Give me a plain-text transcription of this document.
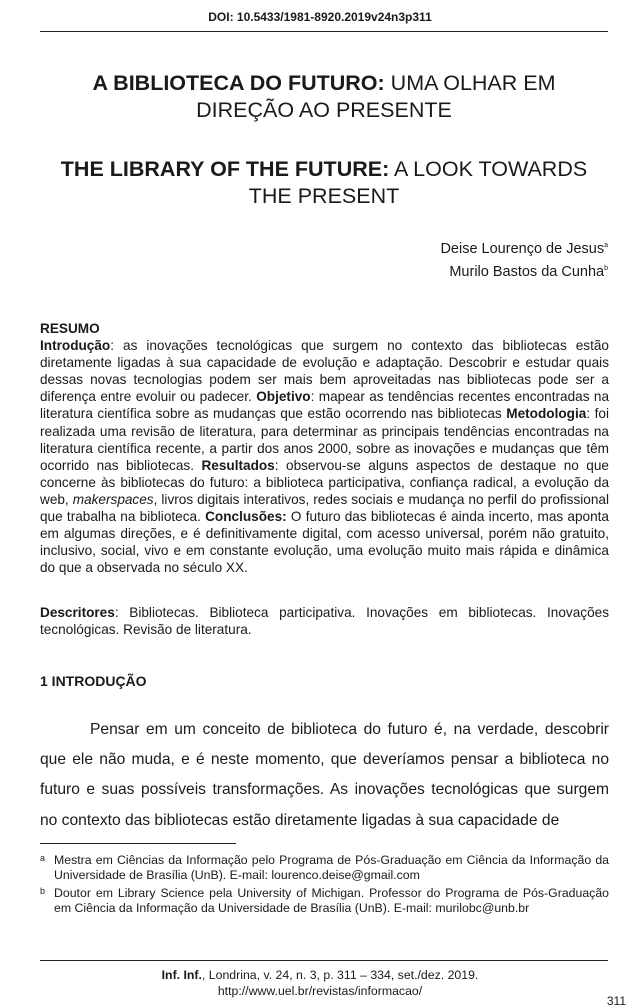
DOI: 10.5433/1981-8920.2019v24n3p311
A BIBLIOTECA DO FUTURO: UMA OLHAR EM
DIREÇÃO AO PRESENTE
THE LIBRARY OF THE FUTURE: A LOOK TOWARDS
THE PRESENT
Deise Lourenço de Jesus$^a$
Murilo Bastos da Cunha$^b$
RESUMO
Introdução: as inovações tecnológicas que surgem no contexto das bibliotecas estão diretamente ligadas à sua capacidade de evolução e adaptação. Descobrir e estudar quais dessas novas tecnologias podem ser mais bem aproveitadas nas bibliotecas pode ser a diferença entre evoluir ou padecer. Objetivo: mapear as tendências recentes encontradas na literatura científica sobre as mudanças que estão ocorrendo nas bibliotecas Metodologia: foi realizada uma revisão de literatura, para determinar as principais tendências encontradas na literatura científica recente, a partir dos anos 2000, sobre as inovações e mudanças que têm ocorrido nas bibliotecas. Resultados: observou-se alguns aspectos de destaque no que concerne às bibliotecas do futuro: a biblioteca participativa, confiança radical, a evolução da web, makerspaces, livros digitais interativos, redes sociais e mudança no perfil do profissional que trabalha na biblioteca. Conclusões: O futuro das bibliotecas é ainda incerto, mas aponta em algumas direções, e é definitivamente digital, com acesso universal, porém não gratuito, inclusivo, social, vivo e em constante evolução, uma evolução muito mais rápida e dinâmica do que a observada no século XX.
Descritores: Bibliotecas. Biblioteca participativa. Inovações em bibliotecas. Inovações tecnológicas. Revisão de literatura.
1 INTRODUÇÃO

Pensar em um conceito de biblioteca do futuro é, na verdade, descobrir que ele não muda, e é neste momento, que deveríamos pensar a biblioteca no futuro e suas possíveis transformações. As inovações tecnológicas que surgem no contexto das bibliotecas estão diretamente ligadas à sua capacidade de

a Mestra em Ciências da Informação pelo Programa de Pós-Graduação em Ciência da Informação da Universidade de Brasília (UnB). E-mail: lourenco.deise@gmail.com
b Doutor em Library Science pela University of Michigan. Professor do Programa de Pós-Graduação em Ciência da Informação da Universidade de Brasília (UnB). E-mail: murilobc@unb.br
Inf. Inf., Londrina, v. 24, n. 3, p. 311 – 334, set./dez. 2019.
http://www.uel.br/revistas/informacao/
311
